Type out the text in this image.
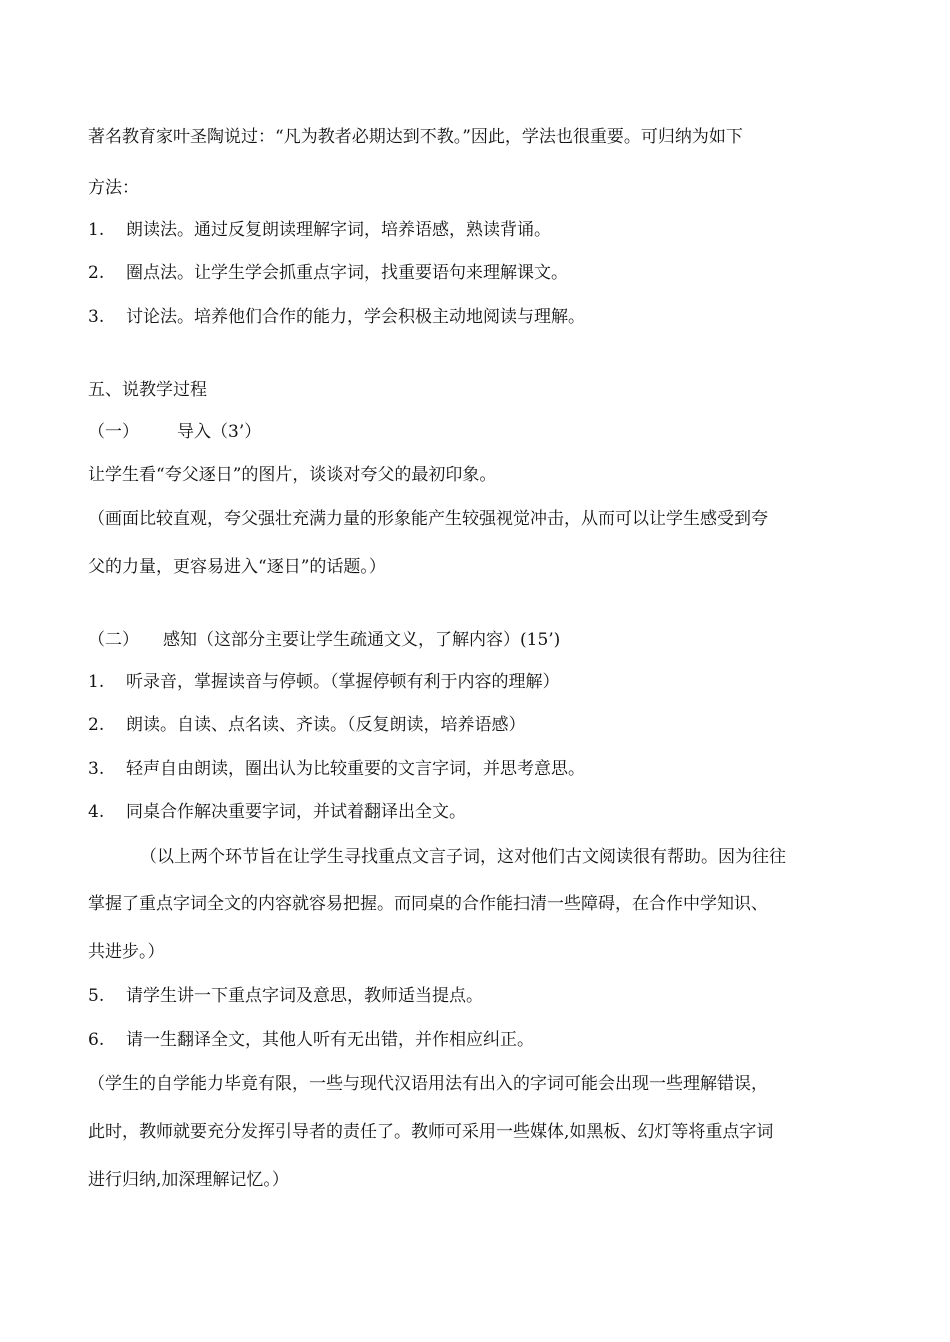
著名教育家叶圣陶说过：“凡为教者必期达到不教。”因此，学法也很重要。可归纳为如下
方法：
1. 朗读法。通过反复朗读理解字词，培养语感，熟读背诵。
2. 圈点法。让学生学会抓重点字词，找重要语句来理解课文。
3. 讨论法。培养他们合作的能力，学会积极主动地阅读与理解。
五、说教学过程
（一） 导入（3’）
让学生看“夸父逐日”的图片，谈谈对夸父的最初印象。
（画面比较直观，夸父强壮充满力量的形象能产生较强视觉冲击，从而可以让学生感受到夸
父的力量，更容易进入“逐日”的话题。）
（二） 感知（这部分主要让学生疏通文义，了解内容）(15’)
1. 听录音，掌握读音与停顿。（掌握停顿有利于内容的理解）
2. 朗读。自读、点名读、齐读。（反复朗读，培养语感）
3. 轻声自由朗读，圈出认为比较重要的文言字词，并思考意思。
4. 同桌合作解决重要字词，并试着翻译出全文。
（以上两个环节旨在让学生寻找重点文言子词，这对他们古文阅读很有帮助。因为往往
掌握了重点字词全文的内容就容易把握。而同桌的合作能扫清一些障碍，在合作中学知识、
共进步。）
5. 请学生讲一下重点字词及意思，教师适当提点。
6. 请一生翻译全文，其他人听有无出错，并作相应纠正。
（学生的自学能力毕竟有限，一些与现代汉语用法有出入的字词可能会出现一些理解错误，
此时，教师就要充分发挥引导者的责任了。教师可采用一些媒体,如黑板、幻灯等将重点字词
进行归纳,加深理解记忆。）
